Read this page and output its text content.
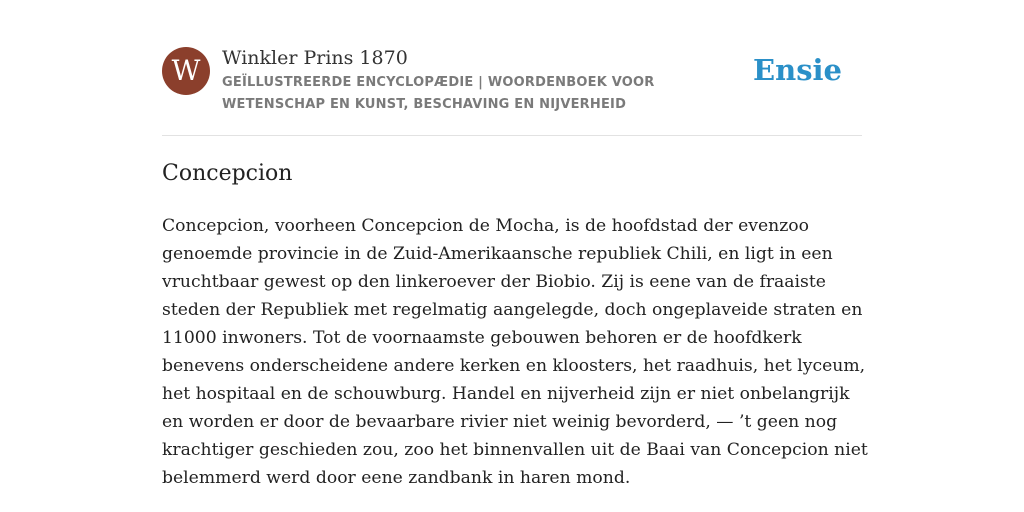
W	Winkler Prins 1870
GEÏLLUSTREERDE ENCYCLOPÆDIE | WOORDENBOEK VOOR WETENSCHAP EN KUNST, BESCHAVING EN NIJVERHEID
Ensie
Concepcion

Concepcion, voorheen Concepcion de Mocha, is de hoofdstad der evenzoo genoemde provincie in de Zuid-Amerikaansche republiek Chili, en ligt in een vruchtbaar gewest op den linkeroever der Biobio. Zij is eene van de fraaiste steden der Republiek met regelmatig aangelegde, doch ongeplaveide straten en 11000 inwoners. Tot de voornaamste gebouwen behoren er de hoofdkerk benevens onderscheidene andere kerken en kloosters, het raadhuis, het lyceum, het hospitaal en de schouwburg. Handel en nijverheid zijn er niet onbelangrijk en worden er door de bevaarbare rivier niet weinig bevorderd, — ’t geen nog krachtiger geschieden zou, zoo het binnenvallen uit de Baai van Concepcion niet belemmerd werd door eene zandbank in haren mond.
